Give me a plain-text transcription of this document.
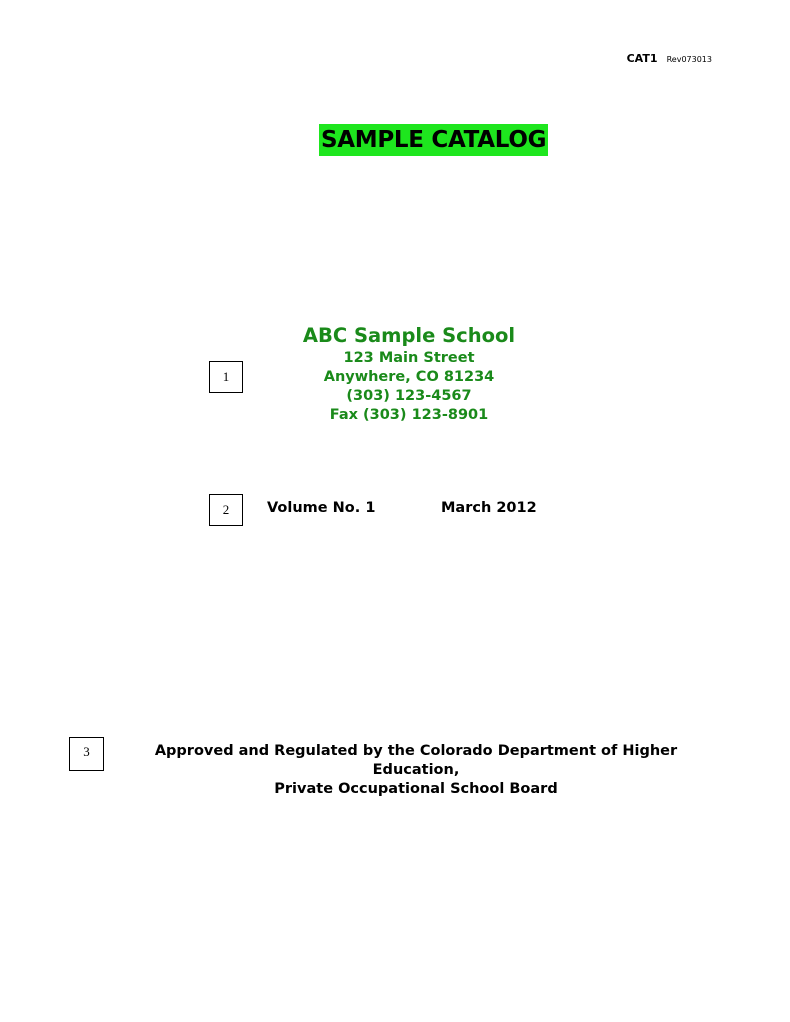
CAT1 Rev073013
SAMPLE CATALOG
ABC Sample School
123 Main Street
Anywhere, CO 81234
(303) 123-4567
Fax (303) 123-8901
1
2
3
Volume No. 1	March 2012
Approved and Regulated by the Colorado Department of Higher Education,
Private Occupational School Board
